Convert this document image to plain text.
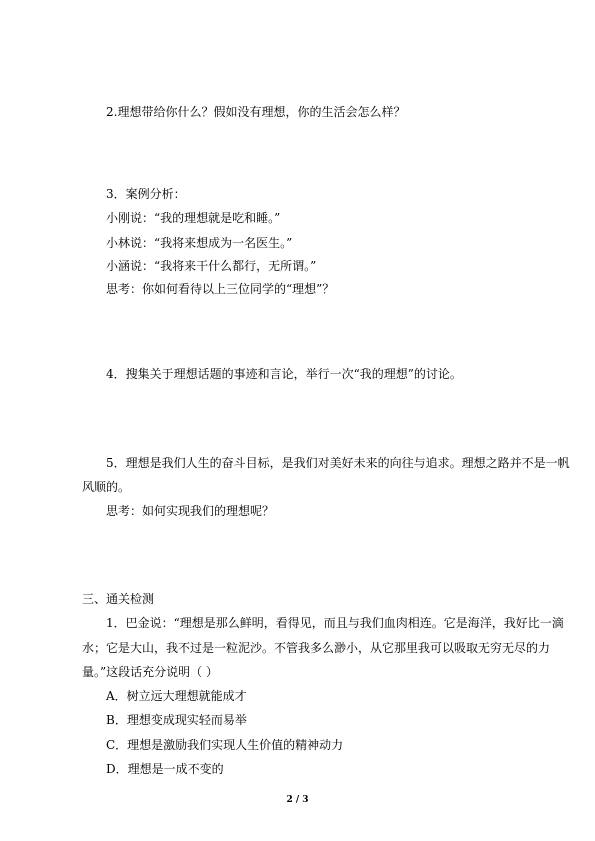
2.理想带给你什么？假如没有理想，你的生活会怎么样？
3．案例分析：
小刚说：“我的理想就是吃和睡。”
小林说：“我将来想成为一名医生。”
小涵说：“我将来干什么都行，无所谓。”
思考：你如何看待以上三位同学的“理想”？
4．搜集关于理想话题的事迹和言论，举行一次“我的理想”的讨论。
5．理想是我们人生的奋斗目标，是我们对美好未来的向往与追求。理想之路并不是一帆
风顺的。
思考：如何实现我们的理想呢？
三、通关检测
1．巴金说：“理想是那么鲜明，看得见，而且与我们血肉相连。它是海洋，我好比一滴
水；它是大山，我不过是一粒泥沙。不管我多么渺小，从它那里我可以吸取无穷无尽的力
量。”这段话充分说明（ ）
A．树立远大理想就能成才
B．理想变成现实轻而易举
C．理想是激励我们实现人生价值的精神动力
D．理想是一成不变的
2 / 3
